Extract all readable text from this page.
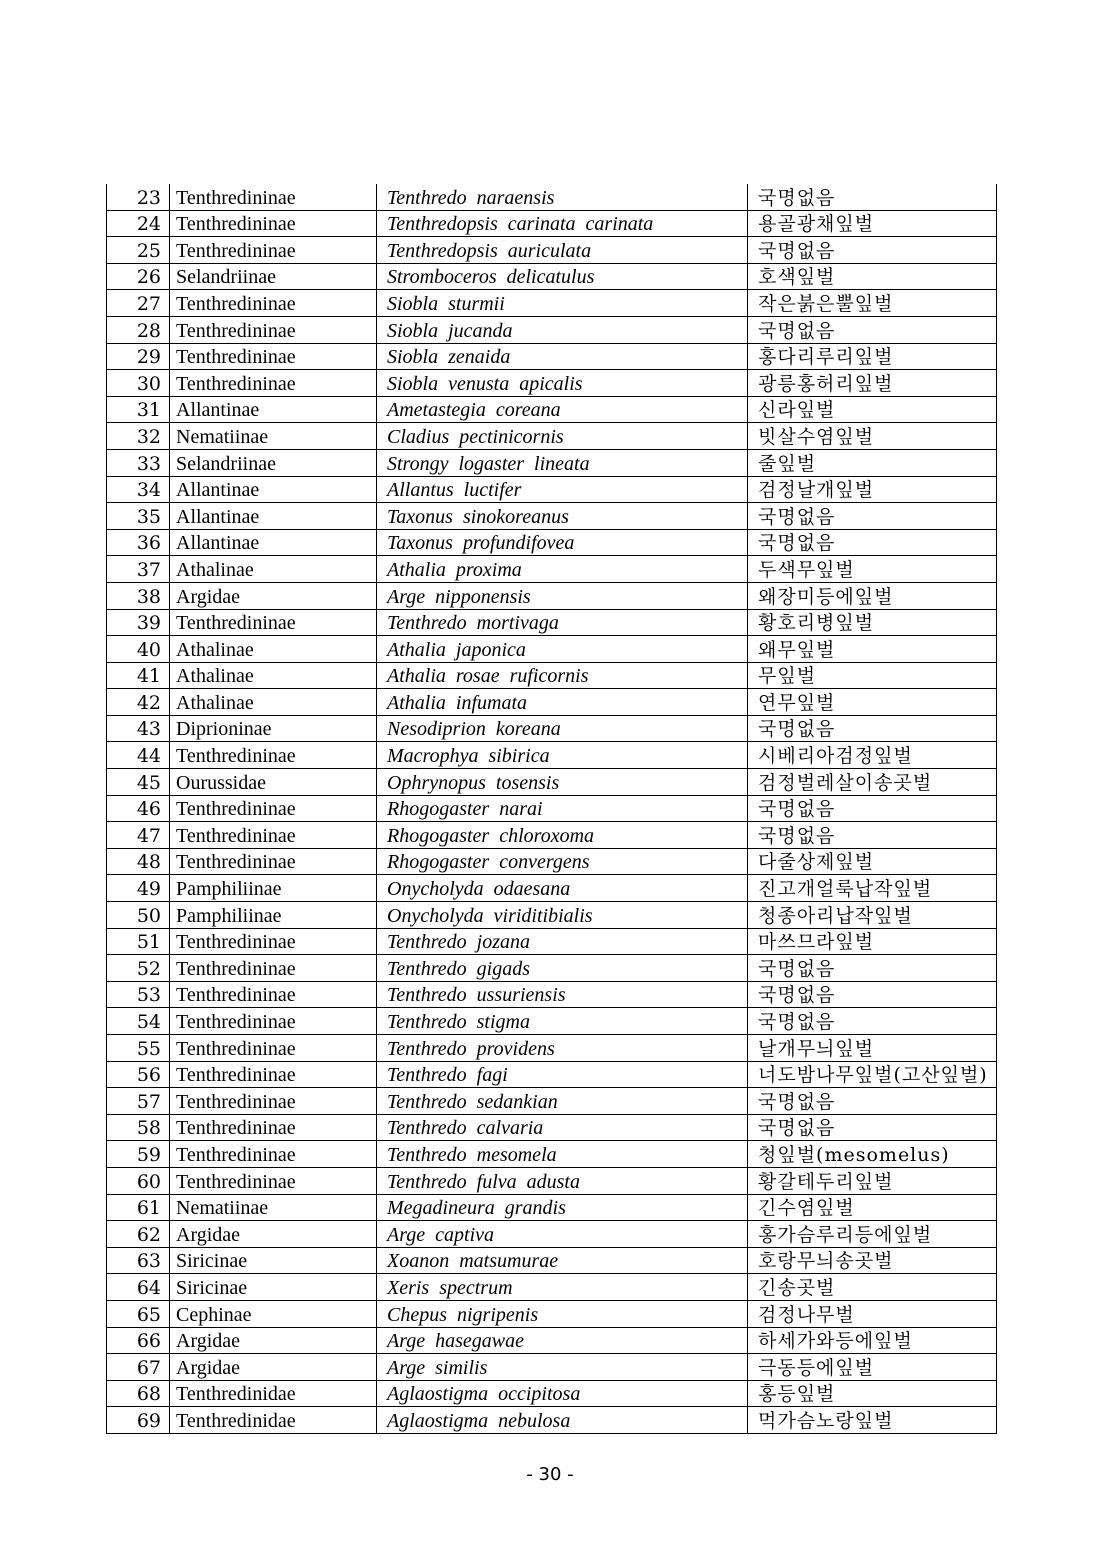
23	Tenthredininae	Tenthredo naraensis	국명없음
24	Tenthredininae	Tenthredopsis carinata carinata	용골광채잎벌
25	Tenthredininae	Tenthredopsis auriculata	국명없음
26	Selandriinae	Stromboceros delicatulus	호색잎벌
27	Tenthredininae	Siobla sturmii	작은붉은뿔잎벌
28	Tenthredininae	Siobla jucanda	국명없음
29	Tenthredininae	Siobla zenaida	홍다리루리잎벌
30	Tenthredininae	Siobla venusta apicalis	광릉홍허리잎벌
31	Allantinae	Ametastegia coreana	신라잎벌
32	Nematiinae	Cladius pectinicornis	빗살수염잎벌
33	Selandriinae	Strongy logaster lineata	줄잎벌
34	Allantinae	Allantus luctifer	검정날개잎벌
35	Allantinae	Taxonus sinokoreanus	국명없음
36	Allantinae	Taxonus profundifovea	국명없음
37	Athalinae	Athalia proxima	두색무잎벌
38	Argidae	Arge nipponensis	왜장미등에잎벌
39	Tenthredininae	Tenthredo mortivaga	황호리병잎벌
40	Athalinae	Athalia japonica	왜무잎벌
41	Athalinae	Athalia rosae ruficornis	무잎벌
42	Athalinae	Athalia infumata	연무잎벌
43	Diprioninae	Nesodiprion koreana	국명없음
44	Tenthredininae	Macrophya sibirica	시베리아검정잎벌
45	Ourussidae	Ophrynopus tosensis	검정벌레살이송곳벌
46	Tenthredininae	Rhogogaster narai	국명없음
47	Tenthredininae	Rhogogaster chloroxoma	국명없음
48	Tenthredininae	Rhogogaster convergens	다줄상제잎벌
49	Pamphiliinae	Onycholyda odaesana	진고개얼룩납작잎벌
50	Pamphiliinae	Onycholyda viriditibialis	청종아리납작잎벌
51	Tenthredininae	Tenthredo jozana	마쓰므라잎벌
52	Tenthredininae	Tenthredo gigads	국명없음
53	Tenthredininae	Tenthredo ussuriensis	국명없음
54	Tenthredininae	Tenthredo stigma	국명없음
55	Tenthredininae	Tenthredo providens	날개무늬잎벌
56	Tenthredininae	Tenthredo fagi	너도밤나무잎벌(고산잎벌)
57	Tenthredininae	Tenthredo sedankian	국명없음
58	Tenthredininae	Tenthredo calvaria	국명없음
59	Tenthredininae	Tenthredo mesomela	청잎벌(mesomelus)
60	Tenthredininae	Tenthredo fulva adusta	황갈테두리잎벌
61	Nematiinae	Megadineura grandis	긴수염잎벌
62	Argidae	Arge captiva	홍가슴루리등에잎벌
63	Siricinae	Xoanon matsumurae	호랑무늬송곳벌
64	Siricinae	Xeris spectrum	긴송곳벌
65	Cephinae	Chepus nigripenis	검정나무벌
66	Argidae	Arge hasegawae	하세가와등에잎벌
67	Argidae	Arge similis	극동등에잎벌
68	Tenthredinidae	Aglaostigma occipitosa	홍등잎벌
69	Tenthredinidae	Aglaostigma nebulosa	먹가슴노랑잎벌
- 30 -
